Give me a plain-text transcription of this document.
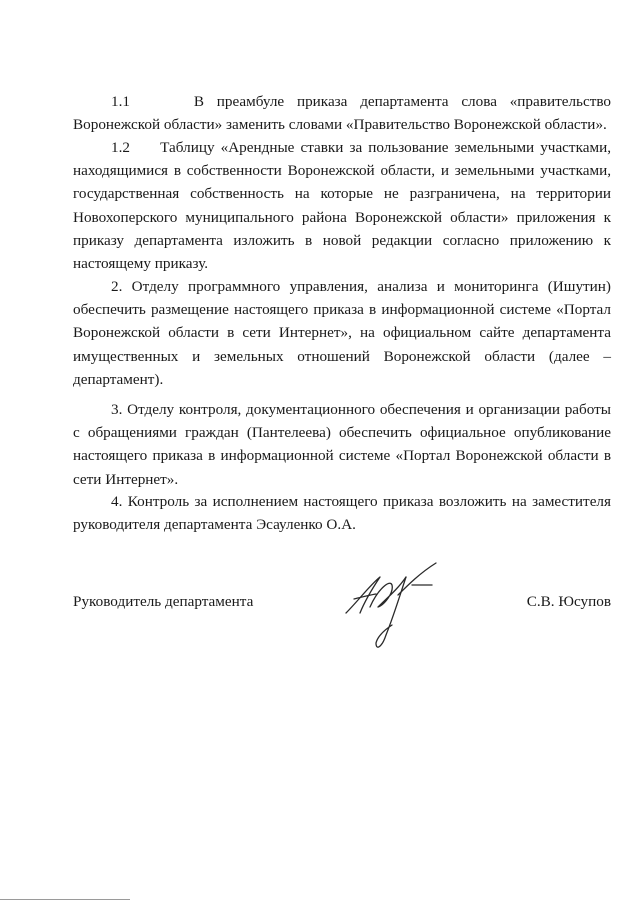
1.1     В преамбуле приказа департамента слова «правительство Воронежской области» заменить словами «Правительство Воронежской области».

1.2     Таблицу «Арендные ставки за пользование земельными участками, находящимися в собственности Воронежской области, и земельными участками, государственная собственность на которые не разграничена, на территории Новохоперского муниципального района Воронежской области» приложения к приказу департамента изложить в новой редакции согласно приложению к настоящему приказу.

2. Отделу программного управления, анализа и мониторинга (Ишутин) обеспечить размещение настоящего приказа в информационной системе «Портал Воронежской области в сети Интернет», на официальном сайте департамента имущественных и земельных отношений Воронежской области (далее – департамент).

3. Отделу контроля, документационного обеспечения и организации работы с обращениями граждан (Пантелеева) обеспечить официальное опубликование настоящего приказа в информационной системе «Портал Воронежской области в сети Интернет».

4. Контроль за исполнением настоящего приказа возложить на заместителя руководителя департамента Эсауленко О.А.

Руководитель департамента	С.В. Юсупов
